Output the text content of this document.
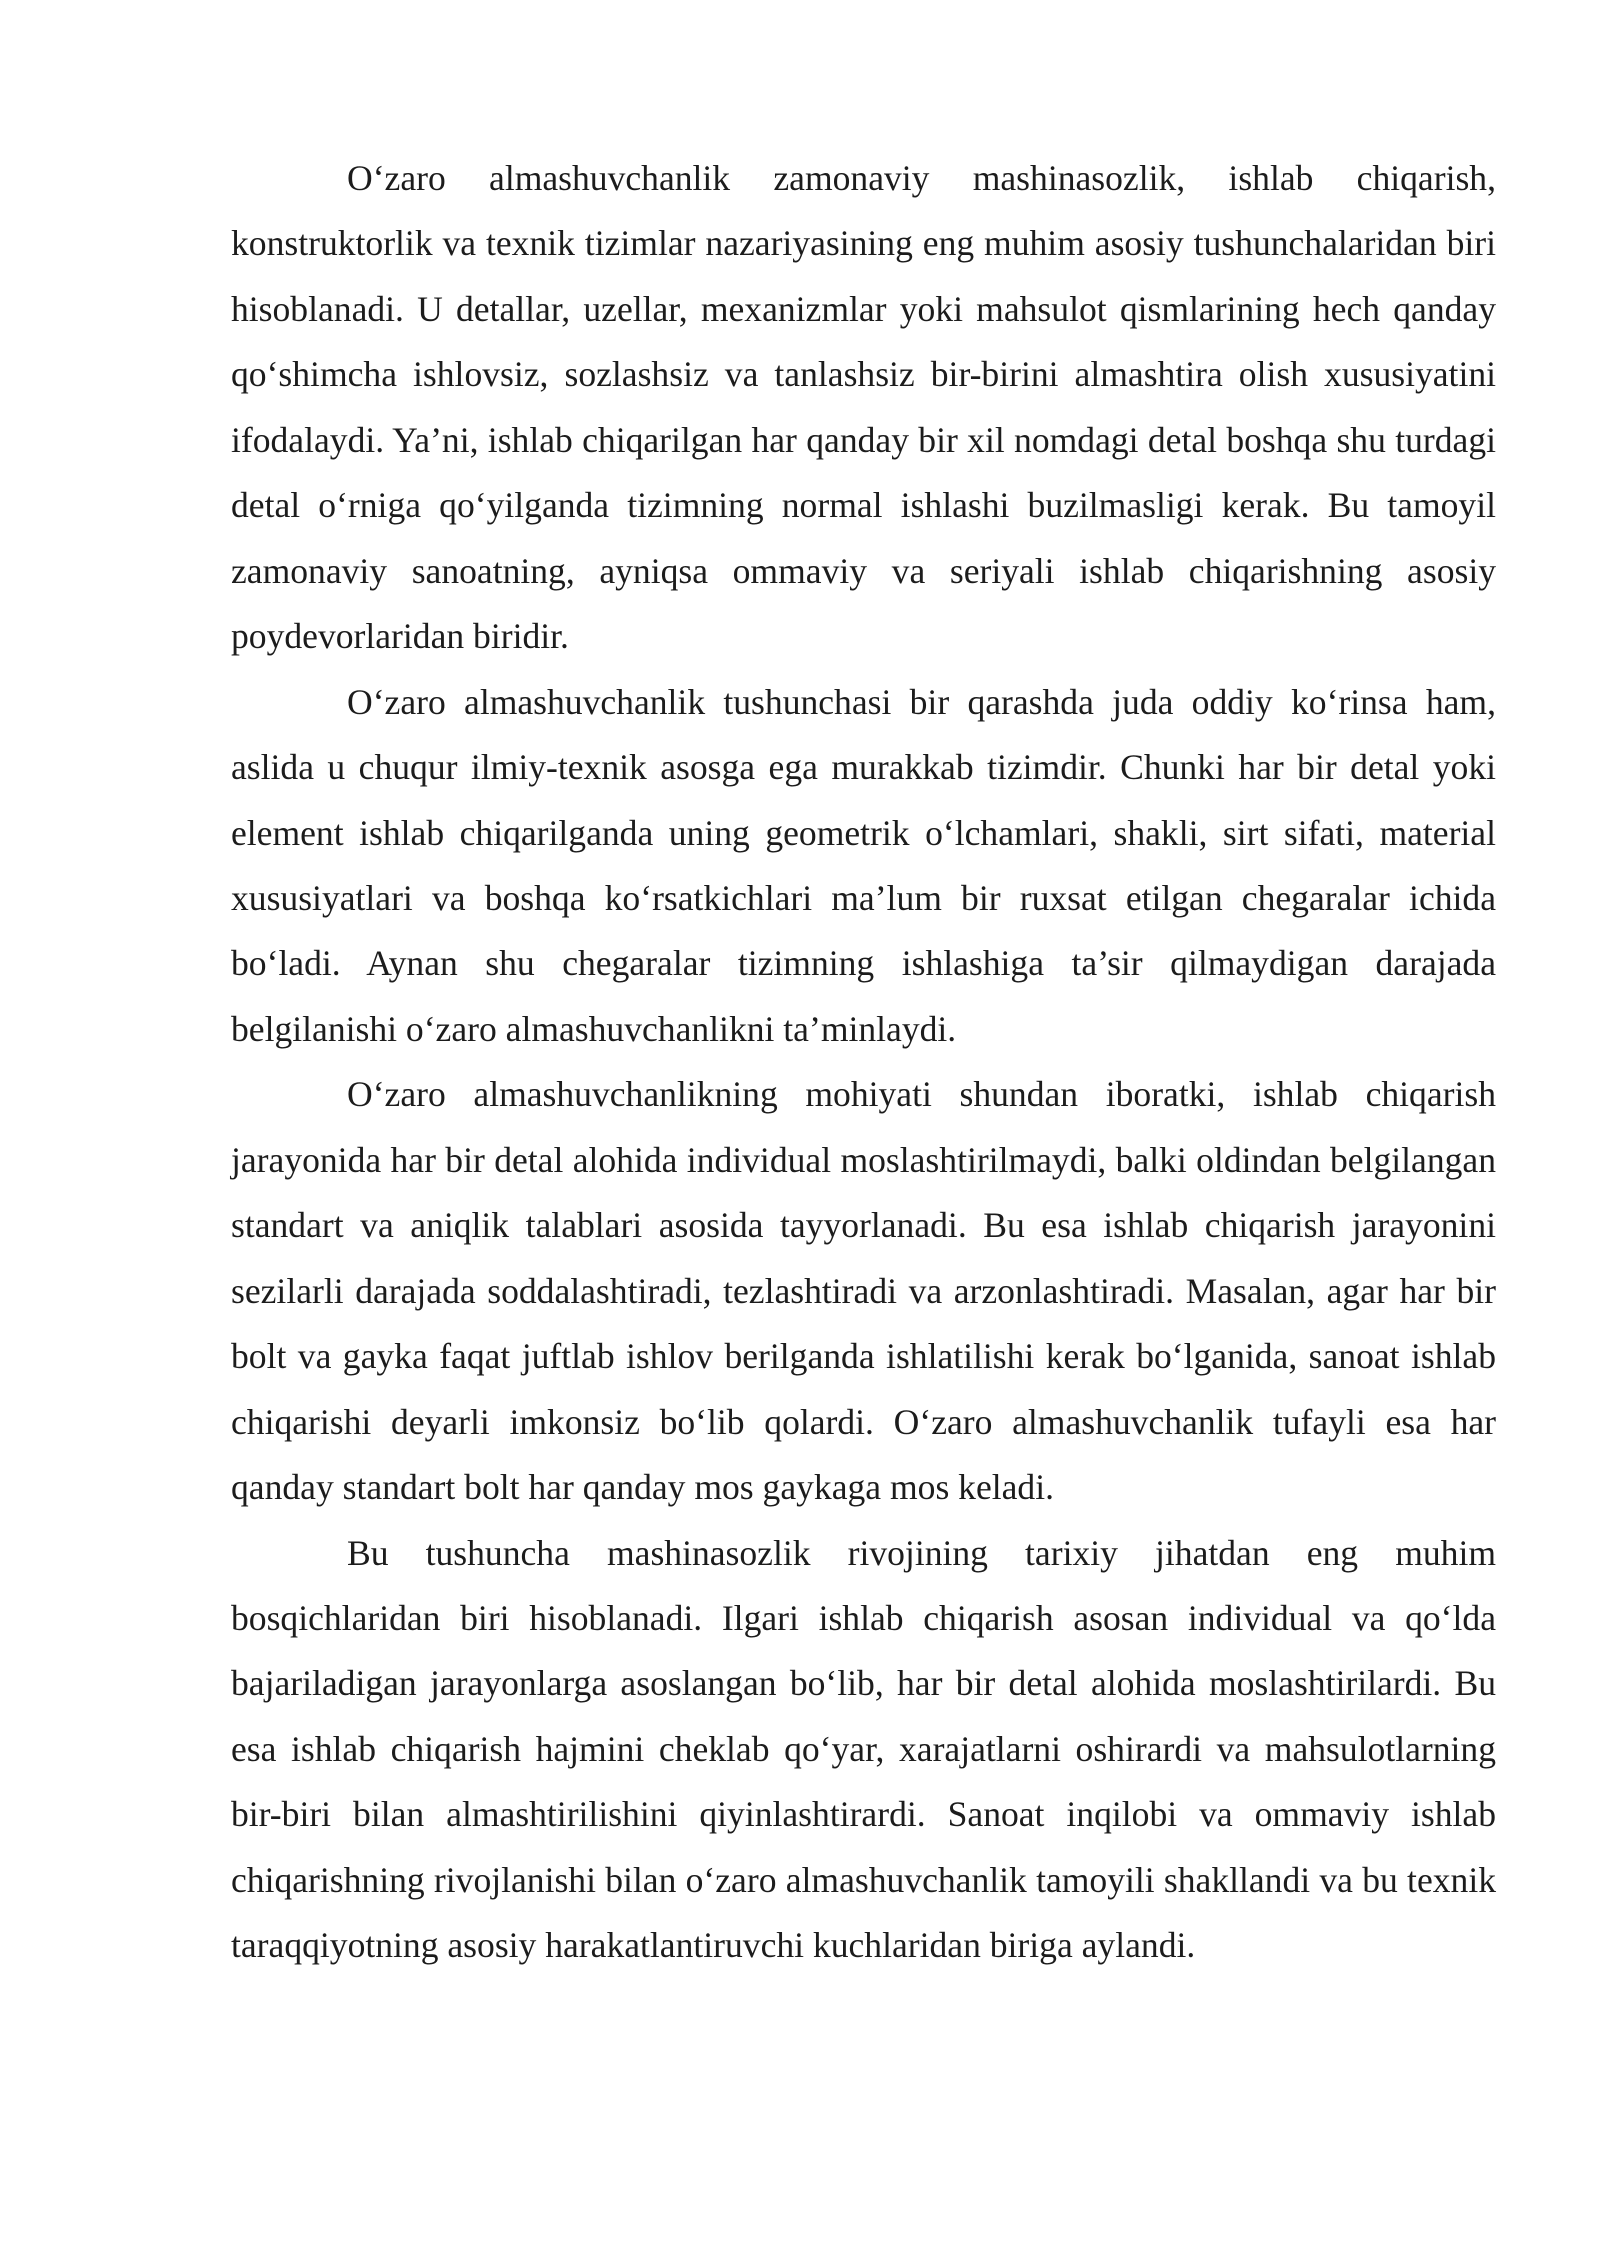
O‘zaro almashuvchanlik zamonaviy mashinasozlik, ishlab chiqarish, konstruktorlik va texnik tizimlar nazariyasining eng muhim asosiy tushunchalaridan biri hisoblanadi. U detallar, uzellar, mexanizmlar yoki mahsulot qismlarining hech qanday qo‘shimcha ishlovsiz, sozlashsiz va tanlashsiz bir-birini almashtira olish xususiyatini ifodalaydi. Ya’ni, ishlab chiqarilgan har qanday bir xil nomdagi detal boshqa shu turdagi detal o‘rniga qo‘yilganda tizimning normal ishlashi buzilmasligi kerak. Bu tamoyil zamonaviy sanoatning, ayniqsa ommaviy va seriyali ishlab chiqarishning asosiy poydevorlaridan biridir.

O‘zaro almashuvchanlik tushunchasi bir qarashda juda oddiy ko‘rinsa ham, aslida u chuqur ilmiy-texnik asosga ega murakkab tizimdir. Chunki har bir detal yoki element ishlab chiqarilganda uning geometrik o‘lchamlari, shakli, sirt sifati, material xususiyatlari va boshqa ko‘rsatkichlari ma’lum bir ruxsat etilgan chegaralar ichida bo‘ladi. Aynan shu chegaralar tizimning ishlashiga ta’sir qilmaydigan darajada belgilanishi o‘zaro almashuvchanlikni ta’minlaydi.

O‘zaro almashuvchanlikning mohiyati shundan iboratki, ishlab chiqarish jarayonida har bir detal alohida individual moslashtirilmaydi, balki oldindan belgilangan standart va aniqlik talablari asosida tayyorlanadi. Bu esa ishlab chiqarish jarayonini sezilarli darajada soddalashtiradi, tezlashtiradi va arzonlashtiradi. Masalan, agar har bir bolt va gayka faqat juftlab ishlov berilganda ishlatilishi kerak bo‘lganida, sanoat ishlab chiqarishi deyarli imkonsiz bo‘lib qolardi. O‘zaro almashuvchanlik tufayli esa har qanday standart bolt har qanday mos gaykaga mos keladi.

Bu tushuncha mashinasozlik rivojining tarixiy jihatdan eng muhim bosqichlaridan biri hisoblanadi. Ilgari ishlab chiqarish asosan individual va qo‘lda bajariladigan jarayonlarga asoslangan bo‘lib, har bir detal alohida moslashtirilardi. Bu esa ishlab chiqarish hajmini cheklab qo‘yar, xarajatlarni oshirardi va mahsulotlarning bir-biri bilan almashtirilishini qiyinlashtirardi. Sanoat inqilobi va ommaviy ishlab chiqarishning rivojlanishi bilan o‘zaro almashuvchanlik tamoyili shakllandi va bu texnik taraqqiyotning asosiy harakatlantiruvchi kuchlaridan biriga aylandi.
